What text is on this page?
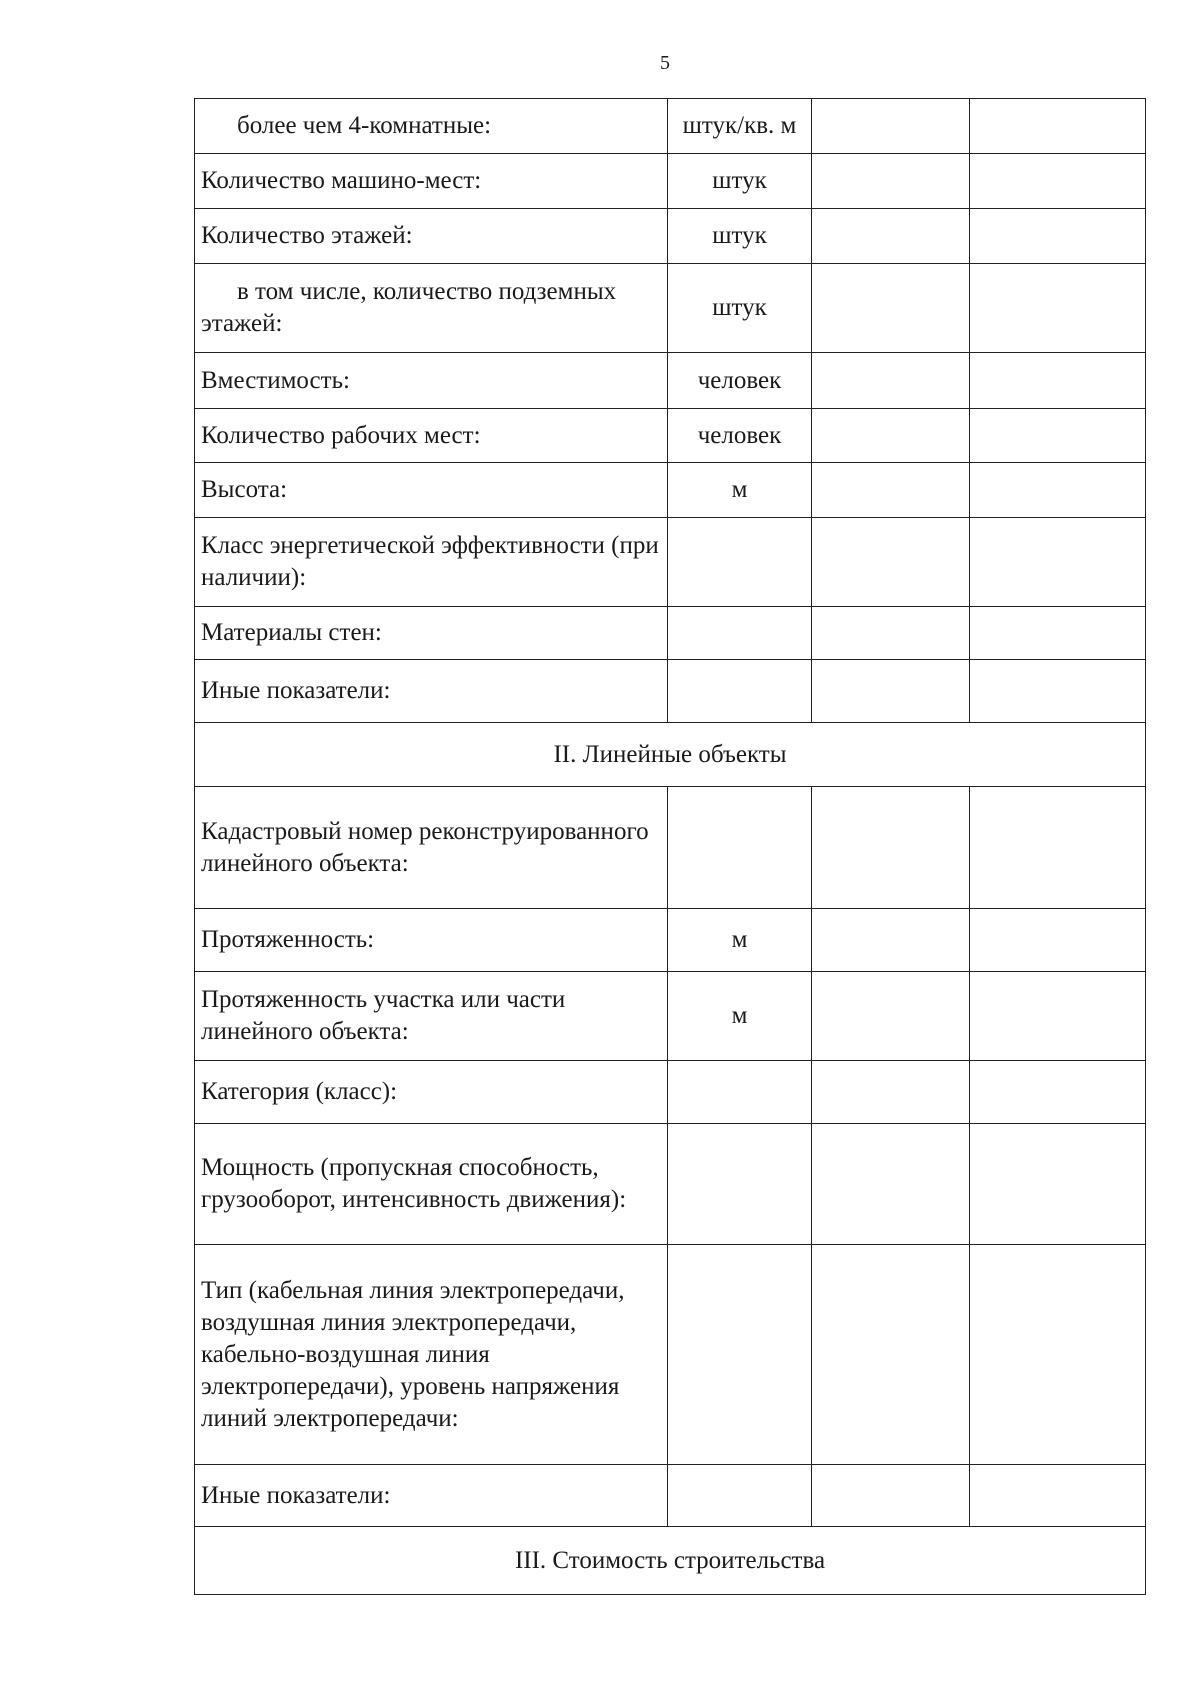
5
более чем 4-комнатные:	штук/кв. м		
Количество машино-мест:	штук		
Количество этажей:	штук		
в том числе, количество подземных этажей:	штук		
Вместимость:	человек		
Количество рабочих мест:	человек		
Высота:	м		
Класс энергетической эффективности (при наличии):			
Материалы стен:			
Иные показатели:			
II. Линейные объекты			
Кадастровый номер реконструированного линейного объекта:			
Протяженность:	м		
Протяженность участка или части линейного объекта:	м		
Категория (класс):			
Мощность (пропускная способность, грузооборот, интенсивность движения):			
Тип (кабельная линия электропередачи, воздушная линия электропередачи, кабельно-воздушная линия электропередачи), уровень напряжения линий электропередачи:			
Иные показатели:			
III. Стоимость строительства			
